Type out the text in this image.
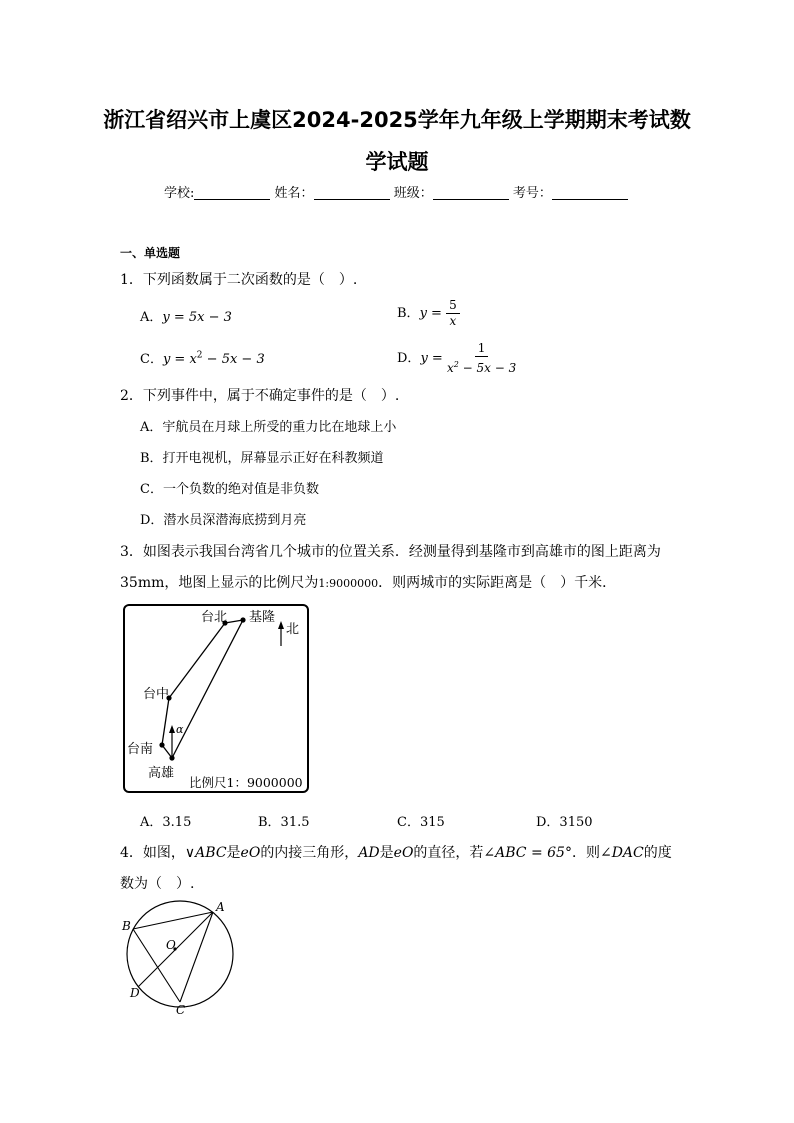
浙江省绍兴市上虞区2024-2025学年九年级上学期期末考试数
学试题
学校:	姓名：	班级：	考号：
一、单选题
1．下列函数属于二次函数的是（　）.
A．y = 5x − 3	B．$y = \frac{5}{x}$
C．$y = x^2 - 5x - 3$	D．$y = \frac{1}{x^2 - 5x - 3}$
2．下列事件中，属于不确定事件的是（　）.
A．宇航员在月球上所受的重力比在地球上小
B．打开电视机，屏幕显示正好在科教频道
C．一个负数的绝对值是非负数
D．潜水员深潜海底捞到月亮
3．如图表示我国台湾省几个城市的位置关系．经测量得到基隆市到高雄市的图上距离为
35mm，地图上显示的比例尺为1:9000000．则两城市的实际距离是（　）千米．
台北 基隆
北
台中
α
台南
高雄
比例尺1：9000000
A．3.15	B．31.5	C．315	D．3150
4．如图，∨ABC是eO的内接三角形，AD是eO的直径，若∠ABC = 65°．则∠DAC的度
数为（　）.
A
B
O
D
C
